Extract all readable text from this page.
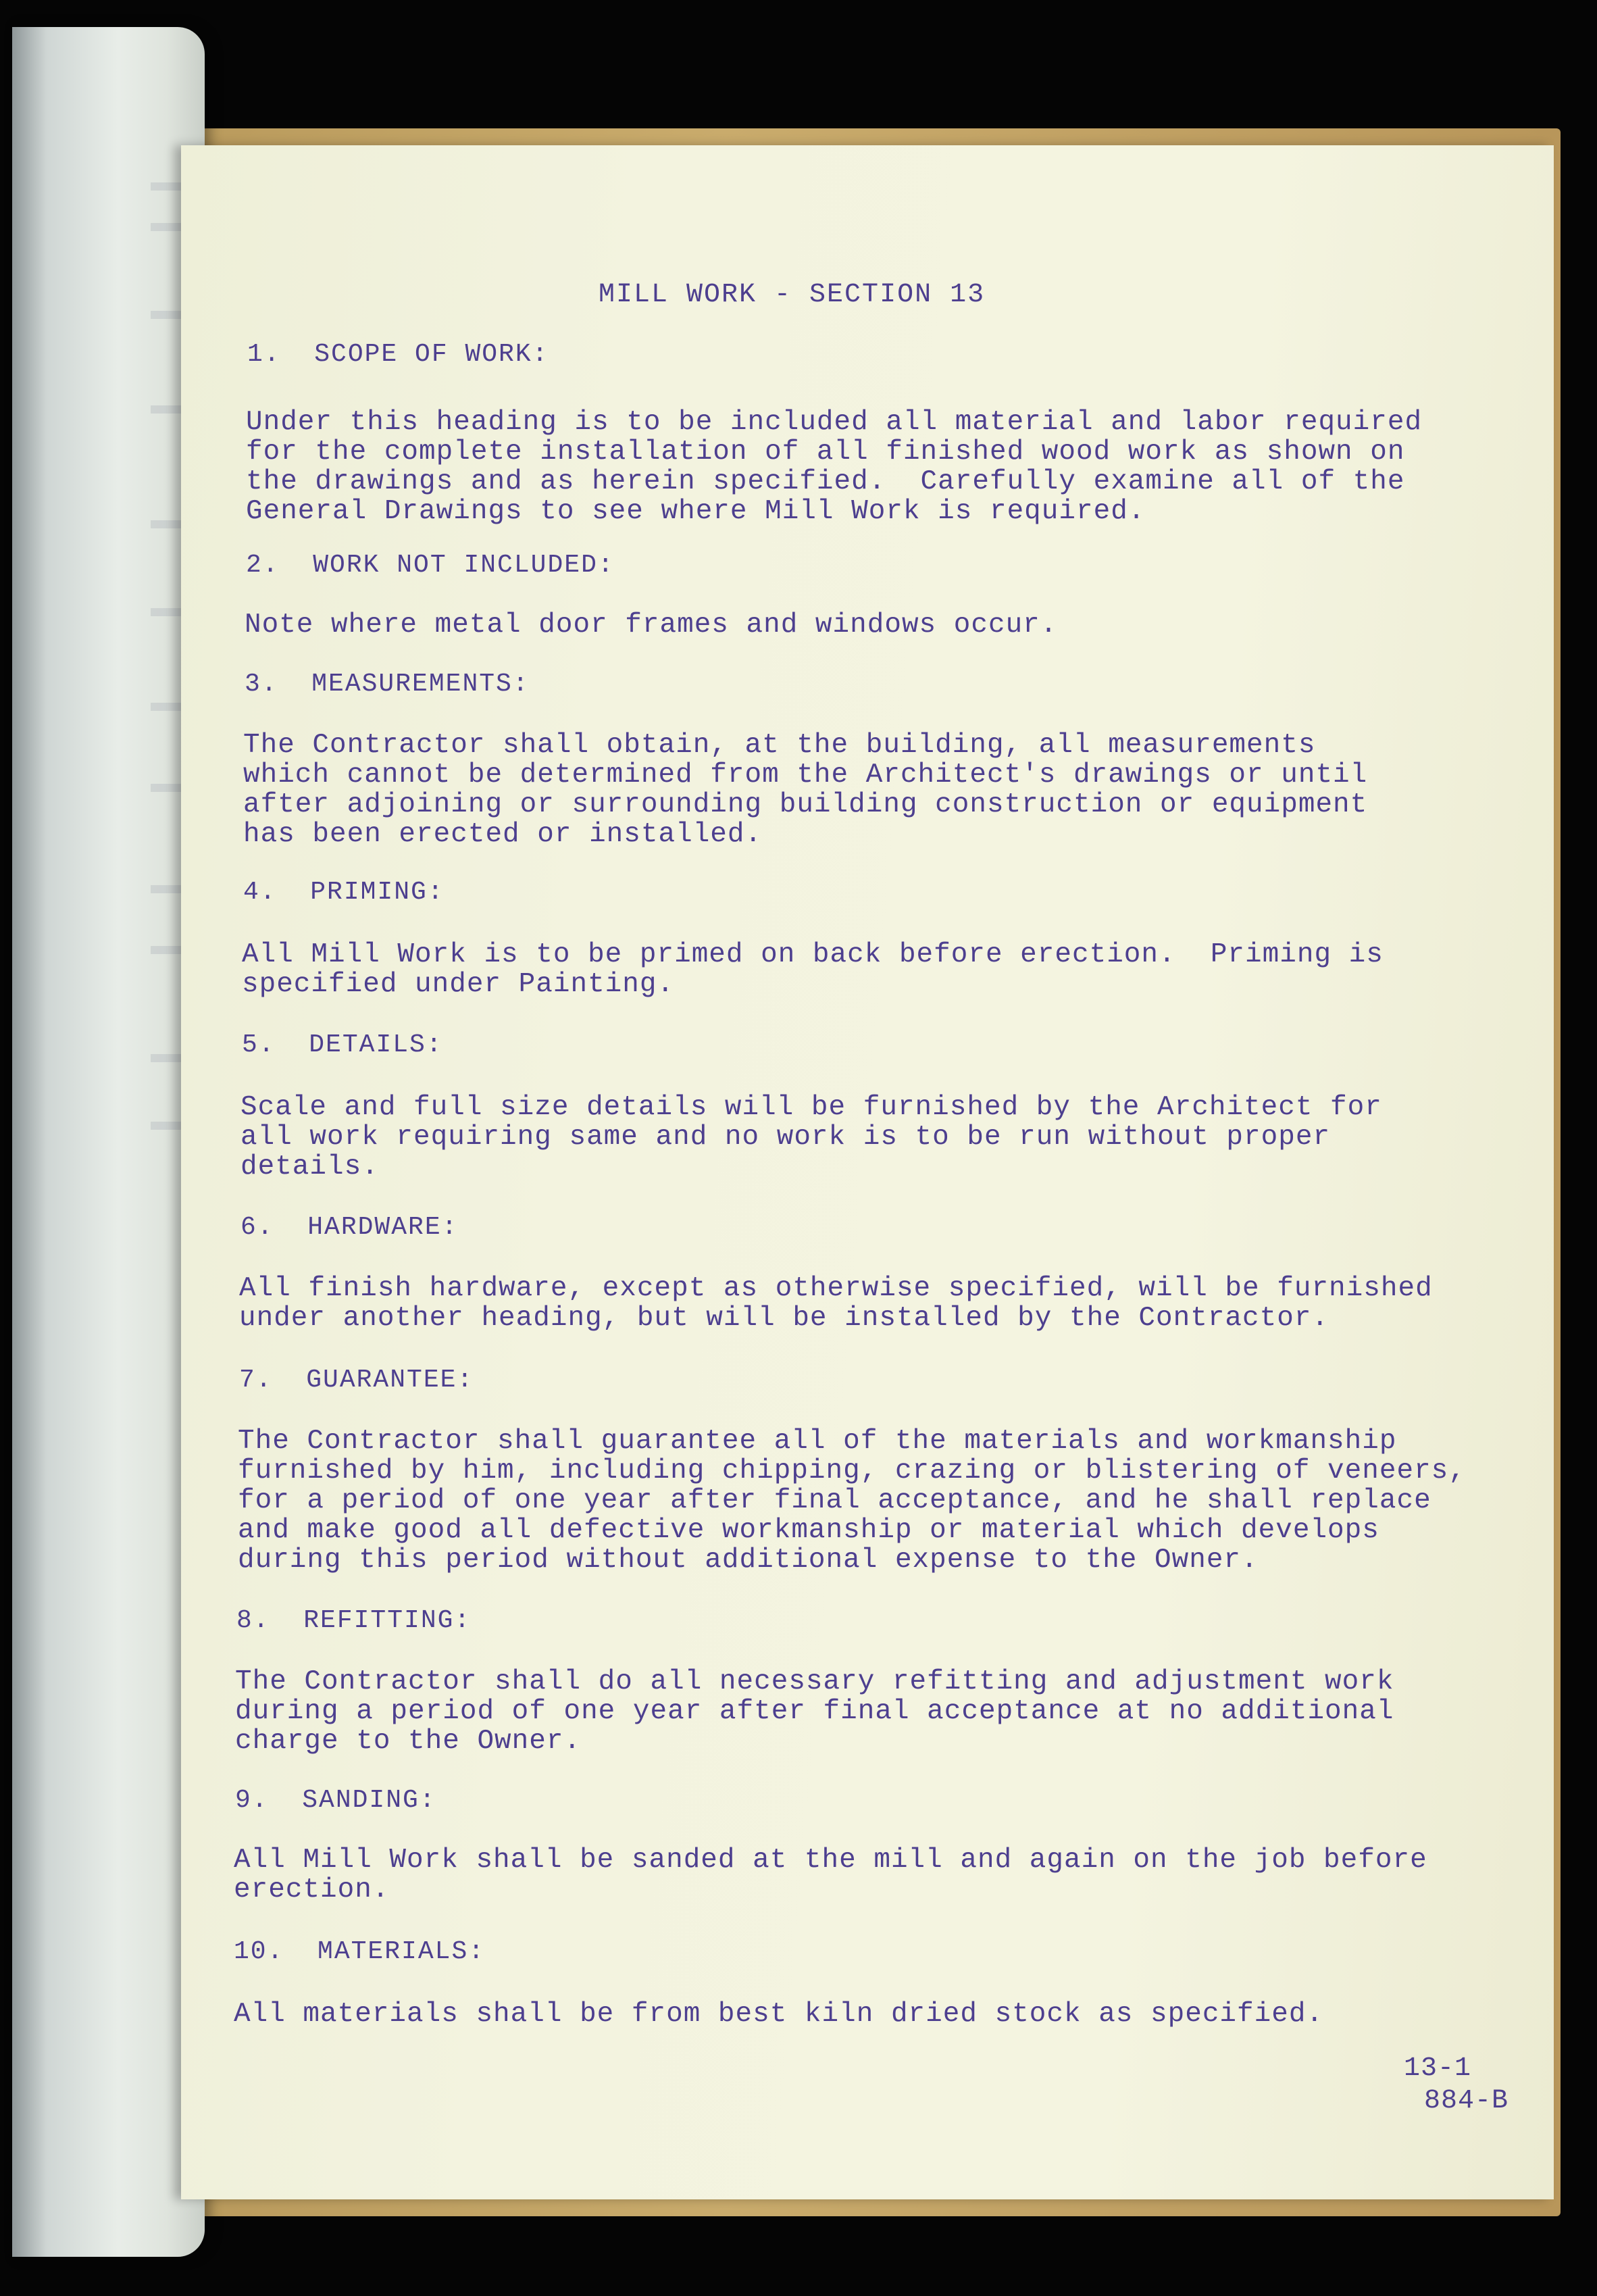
MILL WORK - SECTION 13
1.  SCOPE OF WORK:
Under this heading is to be included all material and labor required
for the complete installation of all finished wood work as shown on
the drawings and as herein specified.  Carefully examine all of the
General Drawings to see where Mill Work is required.
2.  WORK NOT INCLUDED:
Note where metal door frames and windows occur.
3.  MEASUREMENTS:
The Contractor shall obtain, at the building, all measurements
which cannot be determined from the Architect's drawings or until
after adjoining or surrounding building construction or equipment
has been erected or installed.
4.  PRIMING:
All Mill Work is to be primed on back before erection.  Priming is
specified under Painting.
5.  DETAILS:
Scale and full size details will be furnished by the Architect for
all work requiring same and no work is to be run without proper
details.
6.  HARDWARE:
All finish hardware, except as otherwise specified, will be furnished
under another heading, but will be installed by the Contractor.
7.  GUARANTEE:
The Contractor shall guarantee all of the materials and workmanship
furnished by him, including chipping, crazing or blistering of veneers,
for a period of one year after final acceptance, and he shall replace
and make good all defective workmanship or material which develops
during this period without additional expense to the Owner.
8.  REFITTING:
The Contractor shall do all necessary refitting and adjustment work
during a period of one year after final acceptance at no additional
charge to the Owner.
9.  SANDING:
All Mill Work shall be sanded at the mill and again on the job before
erection.
10.  MATERIALS:
All materials shall be from best kiln dried stock as specified.
13-1
884-B
